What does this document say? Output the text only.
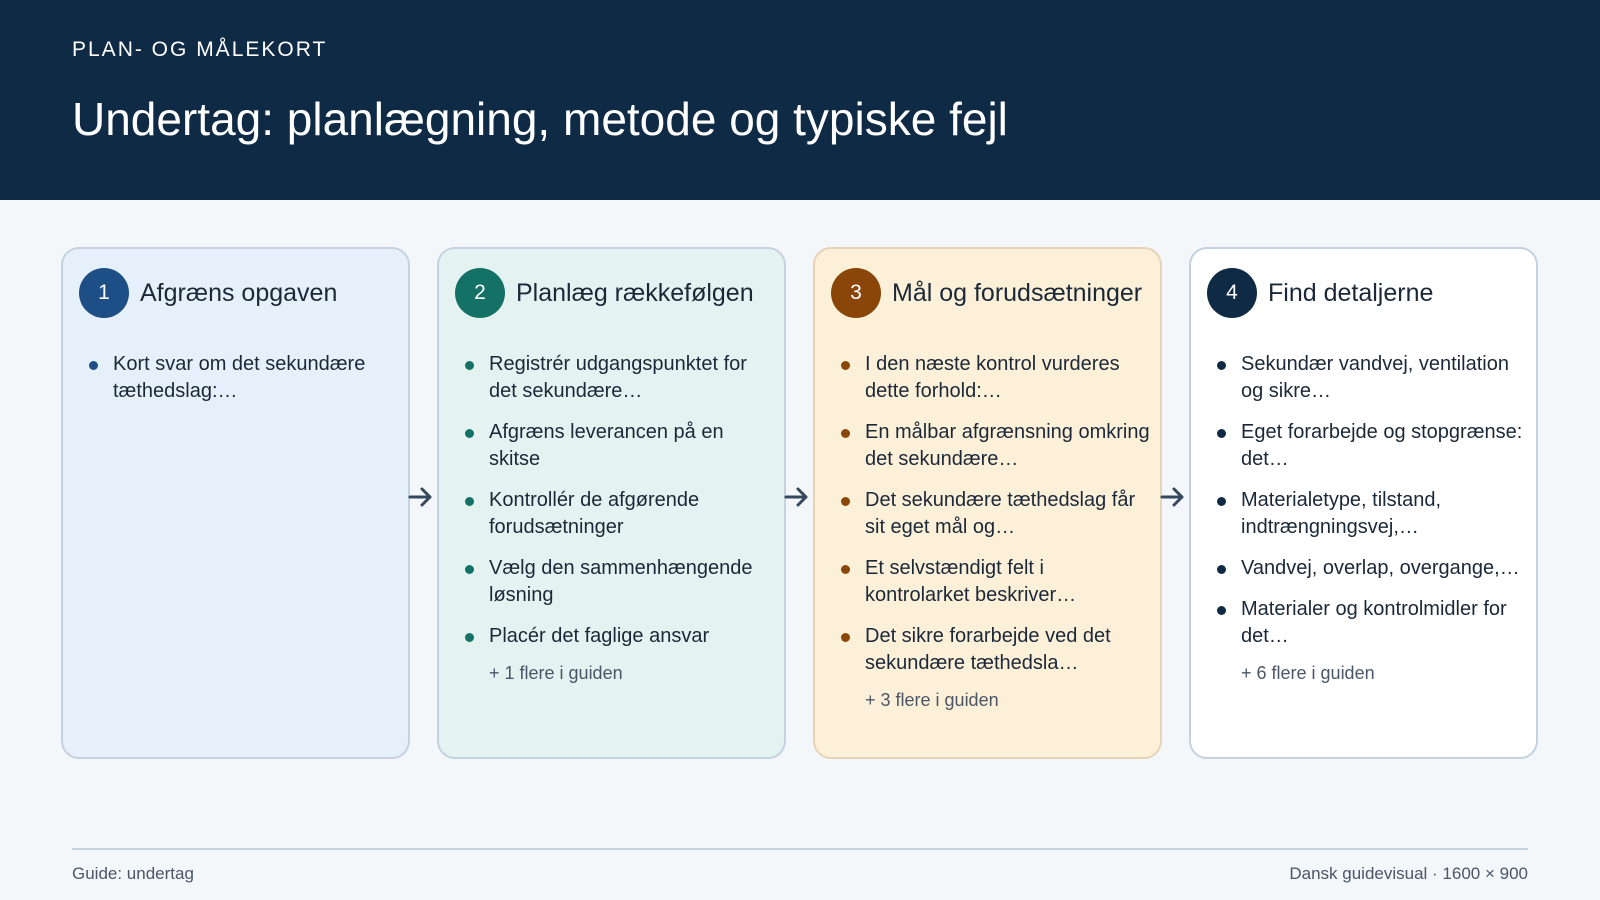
PLAN- OG MÅLEKORT
Undertag: planlægning, metode og typiske fejl
1	Afgræns opgaven
Kort svar om det sekundære tæthedslag:…
2	Planlæg rækkefølgen
Registrér udgangspunktet for det sekundære…
Afgræns leverancen på en skitse
Kontrollér de afgørende forudsætninger
Vælg den sammenhængende løsning
Placér det faglige ansvar
+ 1 flere i guiden
3	Mål og forudsætninger
I den næste kontrol vurderes dette forhold:…
En målbar afgrænsning omkring det sekundære…
Det sekundære tæthedslag får sit eget mål og…
Et selvstændigt felt i kontrolarket beskriver…
Det sikre forarbejde ved det sekundære tæthedsla…
+ 3 flere i guiden
4	Find detaljerne
Sekundær vandvej, ventilation og sikre…
Eget forarbejde og stopgrænse: det…
Materialetype, tilstand, indtrængningsvej,…
Vandvej, overlap, overgange,…
Materialer og kontrolmidler for det…
+ 6 flere i guiden
Guide: undertag	Dansk guidevisual · 1600 × 900
